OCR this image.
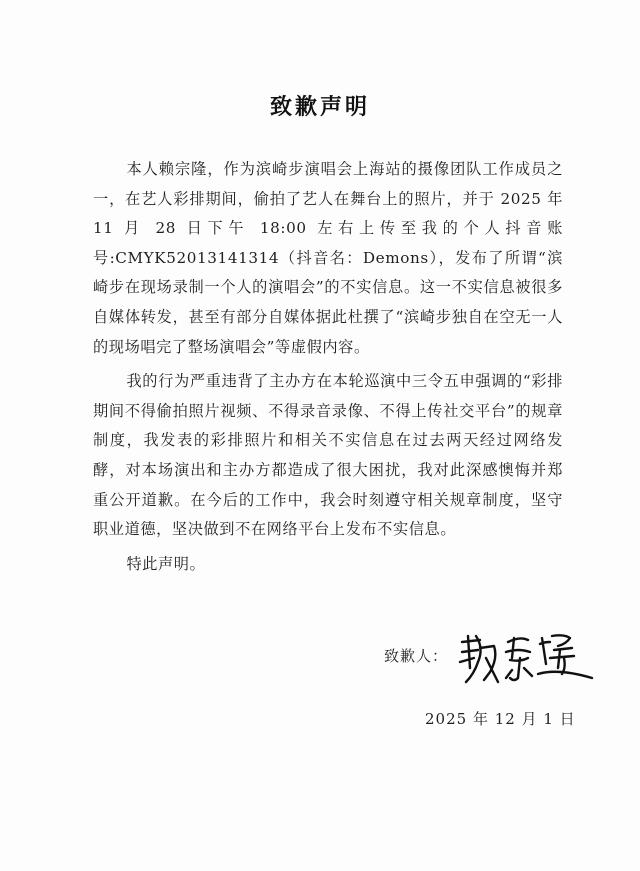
致歉声明

本人赖宗隆，作为滨崎步演唱会上海站的摄像团队工作成员之一，在艺人彩排期间，偷拍了艺人在舞台上的照片，并于 2025 年 11 月 28 日下午 18:00 左右上传至我的个人抖音账号:CMYK52013141314（抖音名：Demons），发布了所谓“滨崎步在现场录制一个人的演唱会”的不实信息。这一不实信息被很多自媒体转发，甚至有部分自媒体据此杜撰了“滨崎步独自在空无一人的现场唱完了整场演唱会”等虚假内容。

我的行为严重违背了主办方在本轮巡演中三令五申强调的“彩排期间不得偷拍照片视频、不得录音录像、不得上传社交平台”的规章制度，我发表的彩排照片和相关不实信息在过去两天经过网络发酵，对本场演出和主办方都造成了很大困扰，我对此深感懊悔并郑重公开道歉。在今后的工作中，我会时刻遵守相关规章制度，坚守职业道德，坚决做到不在网络平台上发布不实信息。

特此声明。

致歉人：
2025 年 12 月 1 日
